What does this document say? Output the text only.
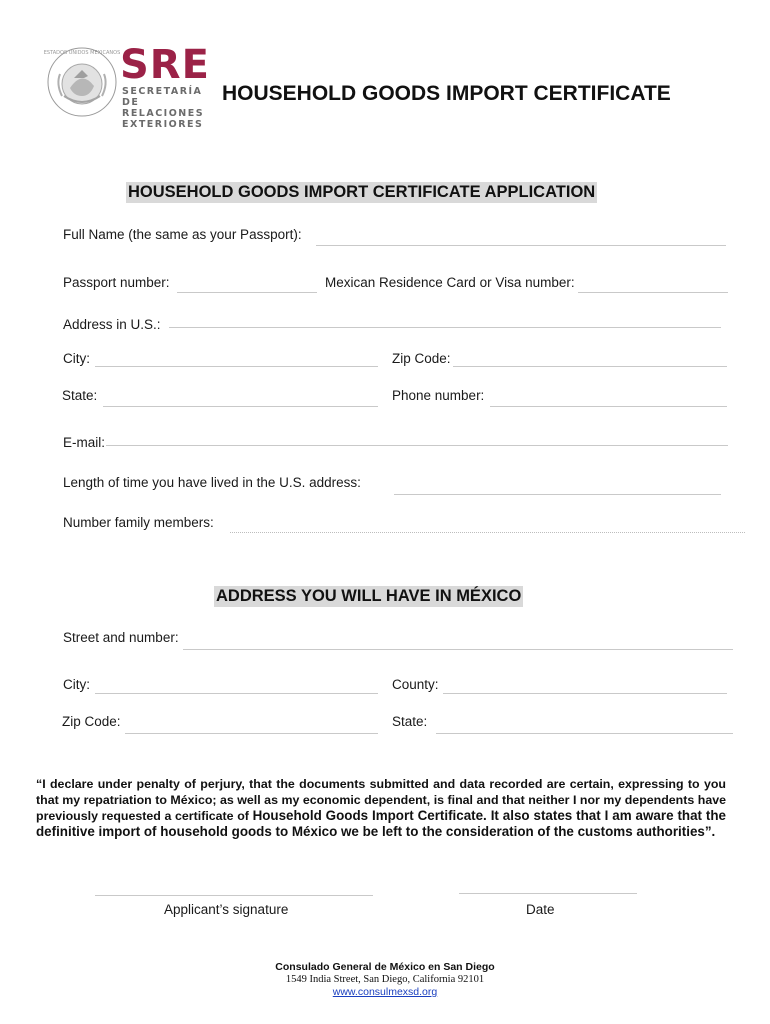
ESTADOS UNIDOS MEXICANOS SRE
SECRETARÍA DE
RELACIONES
EXTERIORES
HOUSEHOLD GOODS IMPORT CERTIFICATE
HOUSEHOLD GOODS IMPORT CERTIFICATE APPLICATION
Full Name (the same as your Passport):
Passport number:	Mexican Residence Card or Visa number:
Address in U.S.:
City:	Zip Code:
State:	Phone number:
E-mail:
Length of time you have lived in the U.S. address:
Number family members:
ADDRESS YOU WILL HAVE IN MÉXICO
Street and number:
City:	County:
Zip Code:	State:
“I declare under penalty of perjury, that the documents submitted and data recorded are certain, expressing to you that my repatriation to México; as well as my economic dependent, is final and that neither I nor my dependents have previously requested a certificate of Household Goods Import Certificate. It also states that I am aware that the definitive import of household goods to México we be left to the consideration of the customs authorities”.
Applicant’s signature	Date
Consulado General de México en San Diego
1549 India Street, San Diego, California 92101
www.consulmexsd.org
